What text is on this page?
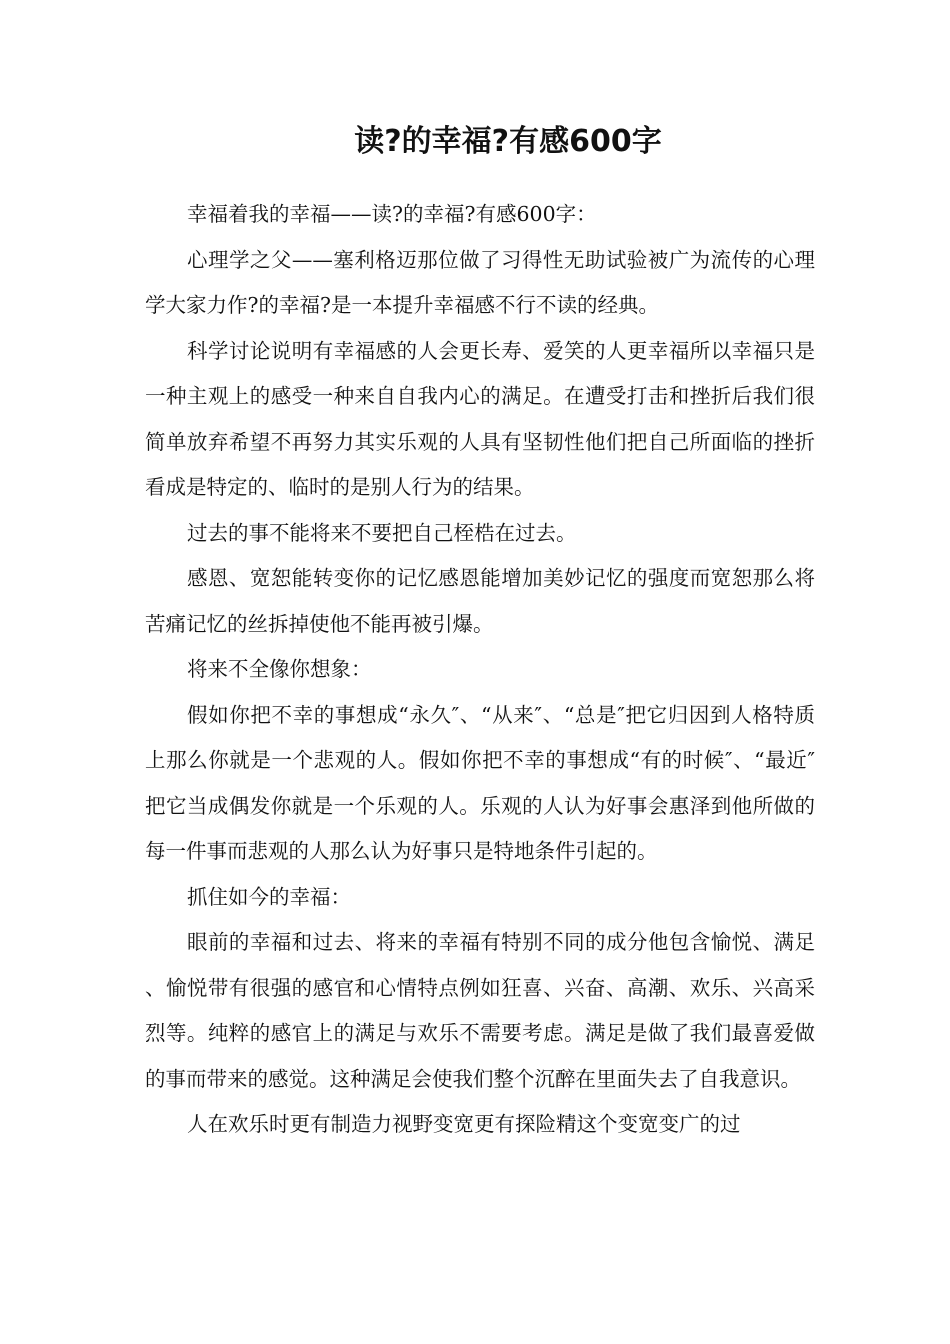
读?的幸福?有感600字

幸福着我的幸福——读?的幸福?有感600字：

心理学之父——塞利格迈那位做了习得性无助试验被广为流传的心理学大家力作?的幸福?是一本提升幸福感不行不读的经典。

科学讨论说明有幸福感的人会更长寿、爱笑的人更幸福所以幸福只是一种主观上的感受一种来自自我内心的满足。在遭受打击和挫折后我们很简单放弃希望不再努力其实乐观的人具有坚韧性他们把自己所面临的挫折看成是特定的、临时的是别人行为的结果。

过去的事不能将来不要把自己桎梏在过去。

感恩、宽恕能转变你的记忆感恩能增加美妙记忆的强度而宽恕那么将苦痛记忆的丝拆掉使他不能再被引爆。

将来不全像你想象：

假如你把不幸的事想成“永久″、“从来″、“总是″把它归因到人格特质上那么你就是一个悲观的人。假如你把不幸的事想成“有的时候″、“最近″把它当成偶发你就是一个乐观的人。乐观的人认为好事会惠泽到他所做的每一件事而悲观的人那么认为好事只是特地条件引起的。

抓住如今的幸福：

眼前的幸福和过去、将来的幸福有特别不同的成分他包含愉悦、满足、愉悦带有很强的感官和心情特点例如狂喜、兴奋、高潮、欢乐、兴高采烈等。纯粹的感官上的满足与欢乐不需要考虑。满足是做了我们最喜爱做的事而带来的感觉。这种满足会使我们整个沉醉在里面失去了自我意识。

人在欢乐时更有制造力视野变宽更有探险精这个变宽变广的过
